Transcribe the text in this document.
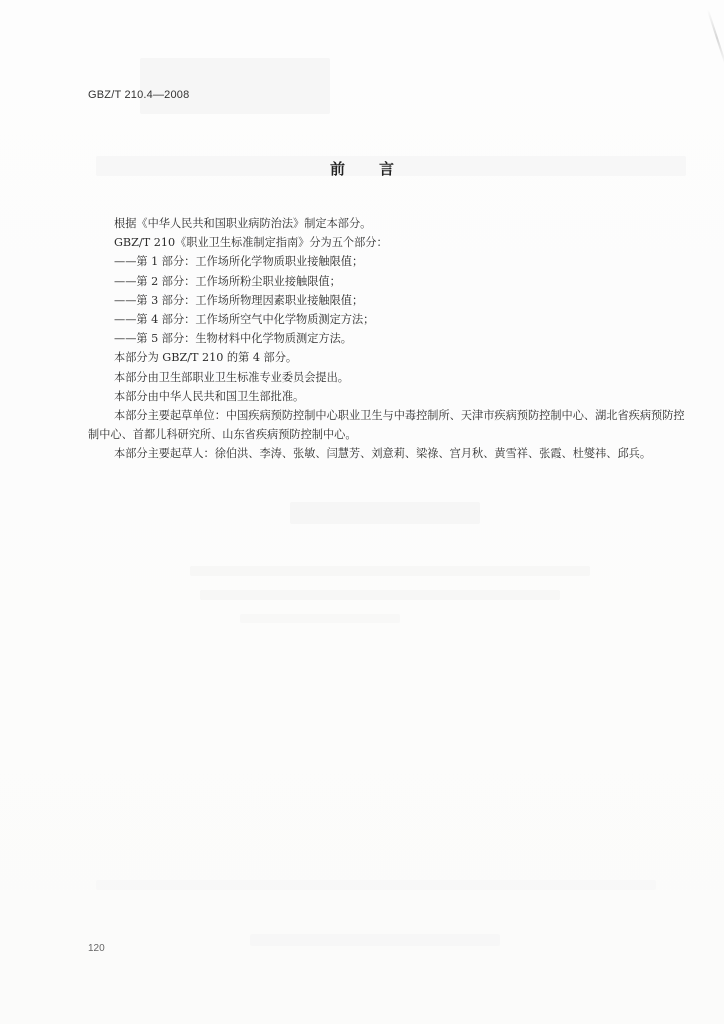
GBZ/T 210.4—2008
前言

根据《中华人民共和国职业病防治法》制定本部分。

GBZ/T 210《职业卫生标准制定指南》分为五个部分：

——第 1 部分：工作场所化学物质职业接触限值；

——第 2 部分：工作场所粉尘职业接触限值；

——第 3 部分：工作场所物理因素职业接触限值；

——第 4 部分：工作场所空气中化学物质测定方法；

——第 5 部分：生物材料中化学物质测定方法。

本部分为 GBZ/T 210 的第 4 部分。

本部分由卫生部职业卫生标准专业委员会提出。

本部分由中华人民共和国卫生部批准。

本部分主要起草单位：中国疾病预防控制中心职业卫生与中毒控制所、天津市疾病预防控制中心、湖北省疾病预防控制中心、首都儿科研究所、山东省疾病预防控制中心。

本部分主要起草人：徐伯洪、李涛、张敏、闫慧芳、刘意莉、梁祿、宫月秋、黄雪祥、张霞、杜燮祎、邱兵。

120
